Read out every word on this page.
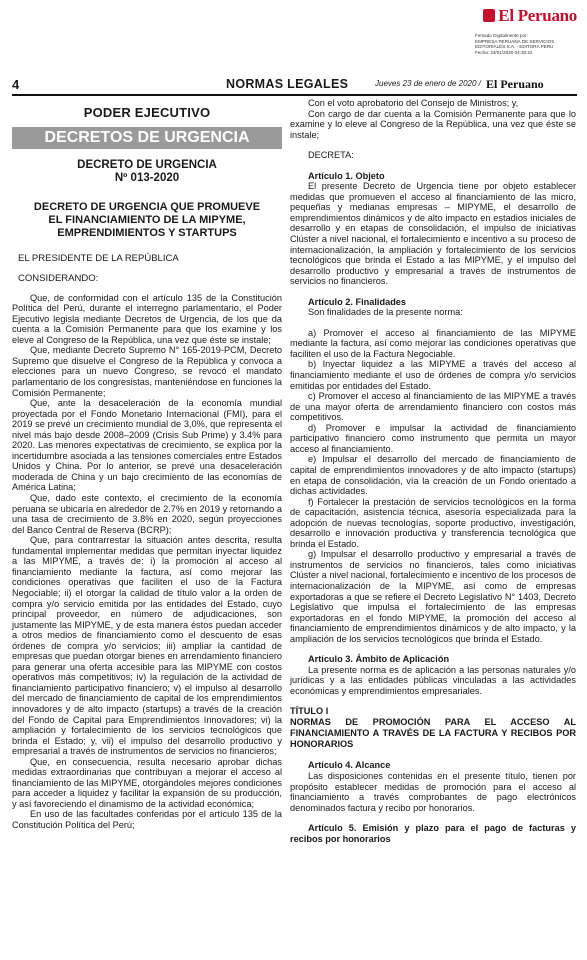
El Peruano
Firmado Digitalmente por:
EMPRESA PERUANA DE SERVICIOS
EDITORIALES S.A. - EDITORA PERU
Fecha: 23/01/2020 04:30:22
4	NORMAS LEGALES	Jueves 23 de enero de 2020 / El Peruano
PODER EJECUTIVO
DECRETOS DE URGENCIA
DECRETO DE URGENCIA
Nº 013-2020
DECRETO DE URGENCIA QUE PROMUEVE EL FINANCIAMIENTO DE LA MIPYME, EMPRENDIMIENTOS Y STARTUPS
EL PRESIDENTE DE LA REPÚBLICA
CONSIDERANDO:

Que, de conformidad con el artículo 135 de la Constitución Política del Perú, durante el interregno parlamentario, el Poder Ejecutivo legisla mediante Decretos de Urgencia, de los que da cuenta a la Comisión Permanente para que los examine y los eleve al Congreso de la República, una vez que éste se instale;

Que, mediante Decreto Supremo N° 165-2019-PCM, Decreto Supremo que disuelve el Congreso de la República y convoca a elecciones para un nuevo Congreso, se revocó el mandato parlamentario de los congresistas, manteniéndose en funciones la Comisión Permanente;

Que, ante la desaceleración de la economía mundial proyectada por el Fondo Monetario Internacional (FMI), para el 2019 se prevé un crecimiento mundial de 3,0%, que representa el nivel más bajo desde 2008–2009 (Crisis Sub Prime) y 3.4% para 2020. Las menores expectativas de crecimiento, se explica por la incertidumbre asociada a las tensiones comerciales entre Estados Unidos y China. Por lo anterior, se prevé una desaceleración moderada de China y un bajo crecimiento de las economías de América Latina;

Que, dado este contexto, el crecimiento de la economía peruana se ubicaría en alrededor de 2.7% en 2019 y retornando a una tasa de crecimiento de 3.8% en 2020, según proyecciones del Banco Central de Reserva (BCRP);

Que, para contrarrestar la situación antes descrita, resulta fundamental implementar medidas que permitan inyectar liquidez a las MIPYME, a través de: i) la promoción al acceso al financiamiento mediante la factura, así como mejorar las condiciones operativas que faciliten el uso de la Factura Negociable; ii) el otorgar la calidad de título valor a la orden de compra y/o servicio emitida por las entidades del Estado, cuyo principal proveedor, en número de adjudicaciones, son justamente las MIPYME, y de esta manera éstos puedan acceder a otros medios de financiamiento como el descuento de esas órdenes de compra y/o servicios; iii) ampliar la cantidad de empresas que puedan otorgar bienes en arrendamiento financiero para generar una oferta accesible para las MIPYME con costos operativos más competitivos; iv) la regulación de la actividad de financiamiento participativo financiero; v) el impulso al desarrollo del mercado de financiamiento de capital de los emprendimientos innovadores y de alto impacto (startups) a través de la creación del Fondo de Capital para Emprendimientos Innovadores; vi) la ampliación y fortalecimiento de los servicios tecnológicos que brinda el Estado; y, vii) el impulso del desarrollo productivo y empresarial a través de instrumentos de servicios no financieros;

Que, en consecuencia, resulta necesario aprobar dichas medidas extraordinarias que contribuyan a mejorar el acceso al financiamiento de las MIPYME, otorgándoles mejores condiciones para acceder a liquidez y facilitar la expansión de su producción, y así favoreciendo el dinamismo de la actividad económica;

En uso de las facultades conferidas por el artículo 135 de la Constitución Política del Perú;

Con el voto aprobatorio del Consejo de Ministros; y,

Con cargo de dar cuenta a la Comisión Permanente para que lo examine y lo eleve al Congreso de la República, una vez que éste se instale;

DECRETA:

Artículo 1. Objeto

El presente Decreto de Urgencia tiene por objeto establecer medidas que promueven el acceso al financiamiento de las micro, pequeñas y medianas empresas – MIPYME, el desarrollo de emprendimientos dinámicos y de alto impacto en estadios iniciales de desarrollo y en etapas de consolidación, el impulso de iniciativas Clúster a nivel nacional, el fortalecimiento e incentivo a su proceso de internacionalización, la ampliación y fortalecimiento de los servicios tecnológicos que brinda el Estado a las MIPYME, y el impulso del desarrollo productivo y empresarial a través de instrumentos de servicios no financieros.

Artículo 2. Finalidades

Son finalidades de la presente norma:

a) Promover el acceso al financiamiento de las MIPYME mediante la factura, así como mejorar las condiciones operativas que faciliten el uso de la Factura Negociable.

b) Inyectar liquidez a las MIPYME a través del acceso al financiamiento mediante el uso de órdenes de compra y/o servicios emitidas por entidades del Estado.

c) Promover el acceso al financiamiento de las MIPYME a través de una mayor oferta de arrendamiento financiero con costos más competitivos.

d) Promover e impulsar la actividad de financiamiento participativo financiero como instrumento que permita un mayor acceso al financiamiento.

e) Impulsar el desarrollo del mercado de financiamiento de capital de emprendimientos innovadores y de alto impacto (startups) en etapa de consolidación, vía la creación de un Fondo orientado a dichas actividades.

f) Fortalecer la prestación de servicios tecnológicos en la forma de capacitación, asistencia técnica, asesoría especializada para la adopción de nuevas tecnologías, soporte productivo, investigación, desarrollo e innovación productiva y transferencia tecnológica que brinda el Estado.

g) Impulsar el desarrollo productivo y empresarial a través de instrumentos de servicios no financieros, tales como iniciativas Clúster a nivel nacional, fortalecimiento e incentivo de los procesos de internacionalización de la MIPYME, así como de empresas exportadoras a que se refiere el Decreto Legislativo N° 1403, Decreto Legislativo que impulsa el fortalecimiento de las empresas exportadoras en el fondo MIPYME, la promoción del acceso al financiamiento de emprendimientos dinámicos y de alto impacto, y la ampliación de los servicios tecnológicos que brinda el Estado.

Artículo 3. Ámbito de Aplicación

La presente norma es de aplicación a las personas naturales y/o jurídicas y a las entidades públicas vinculadas a las actividades económicas y emprendimientos empresariales.

TÍTULO I

NORMAS DE PROMOCIÓN PARA EL ACCESO AL FINANCIAMIENTO A TRAVÉS DE LA FACTURA Y RECIBOS POR HONORARIOS

Artículo 4. Alcance

Las disposiciones contenidas en el presente título, tienen por propósito establecer medidas de promoción para el acceso al financiamiento a través comprobantes de pago electrónicos denominados factura y recibo por honorarios.

Artículo 5. Emisión y plazo para el pago de facturas y recibos por honorarios
